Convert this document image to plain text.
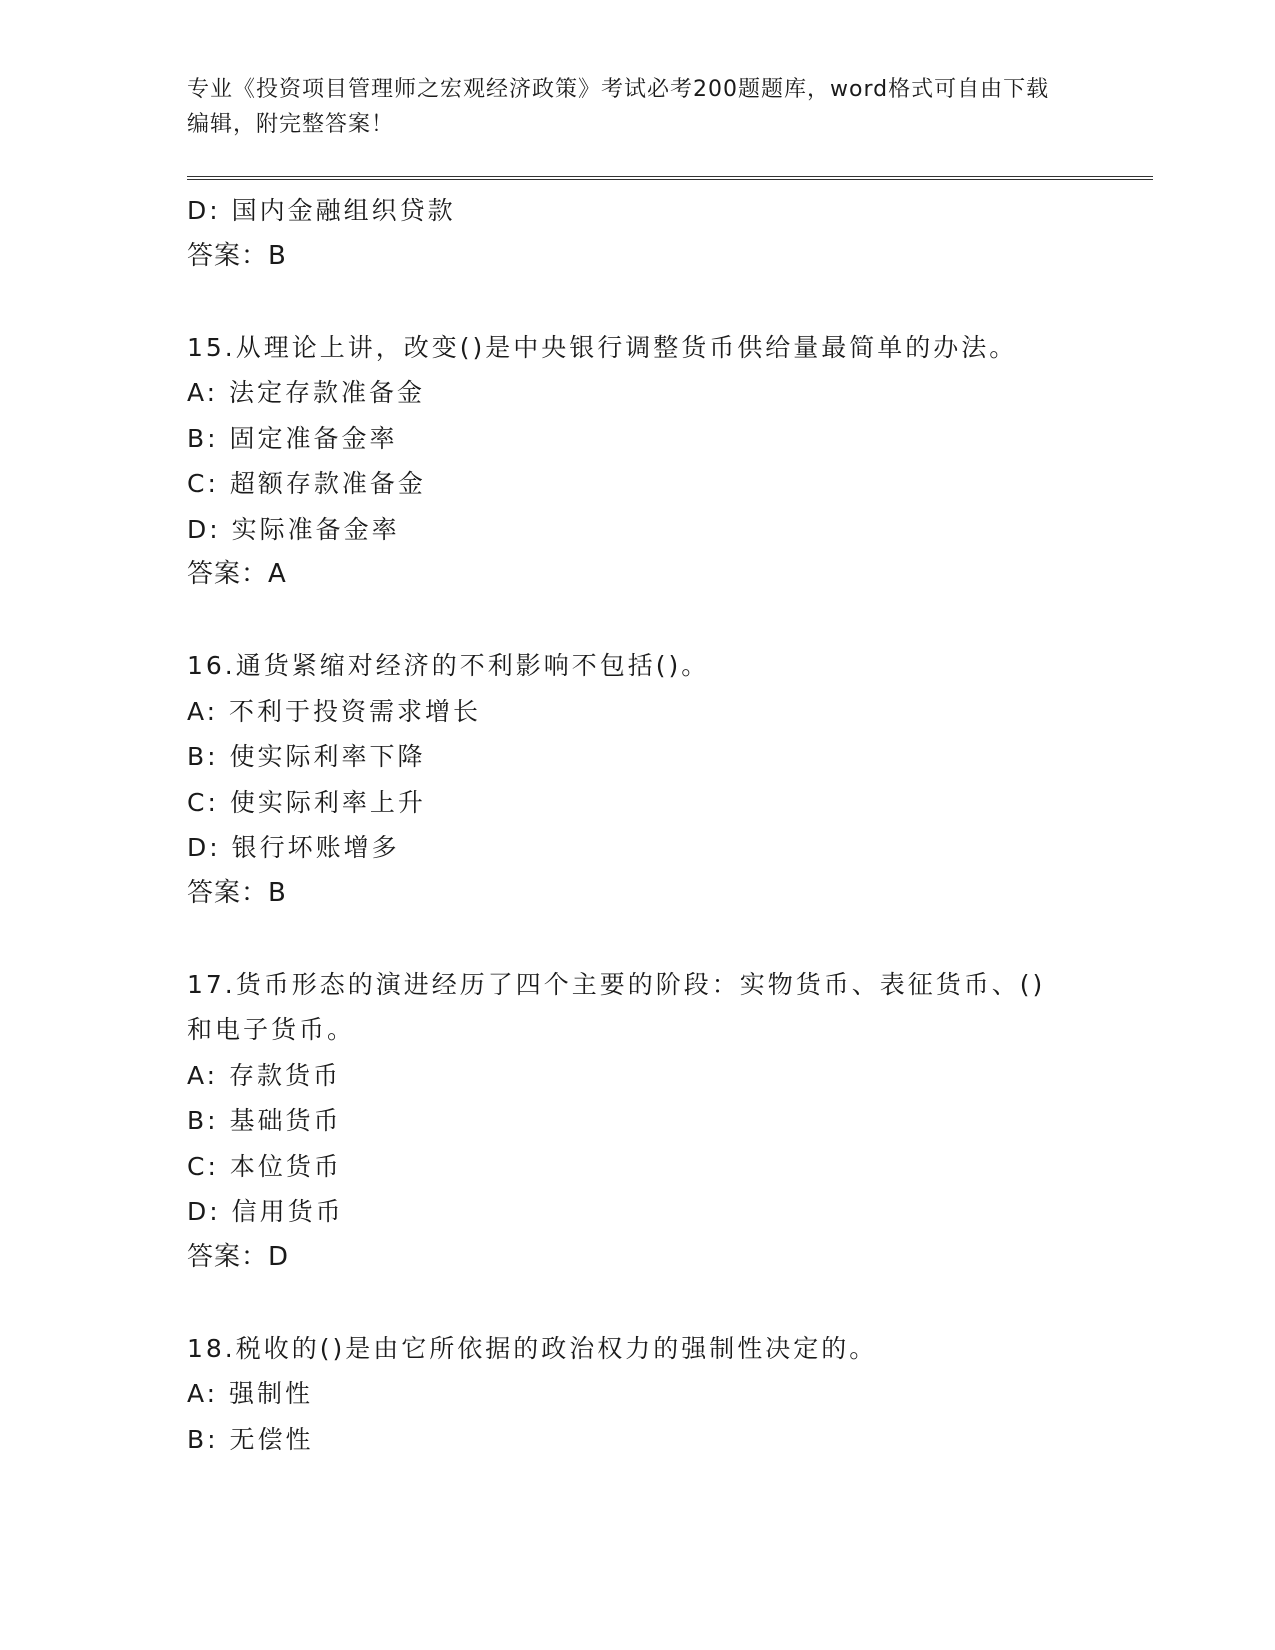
专业《投资项目管理师之宏观经济政策》考试必考200题题库，word格式可自由下载编辑，附完整答案！
D: 国内金融组织贷款
答案：B
15.从理论上讲，改变()是中央银行调整货币供给量最简单的办法。
A: 法定存款准备金
B: 固定准备金率
C: 超额存款准备金
D: 实际准备金率
答案：A
16.通货紧缩对经济的不利影响不包括()。
A: 不利于投资需求增长
B: 使实际利率下降
C: 使实际利率上升
D: 银行坏账增多
答案：B
17.货币形态的演进经历了四个主要的阶段：实物货币、表征货币、()
和电子货币。
A: 存款货币
B: 基础货币
C: 本位货币
D: 信用货币
答案：D
18.税收的()是由它所依据的政治权力的强制性决定的。
A: 强制性
B: 无偿性
